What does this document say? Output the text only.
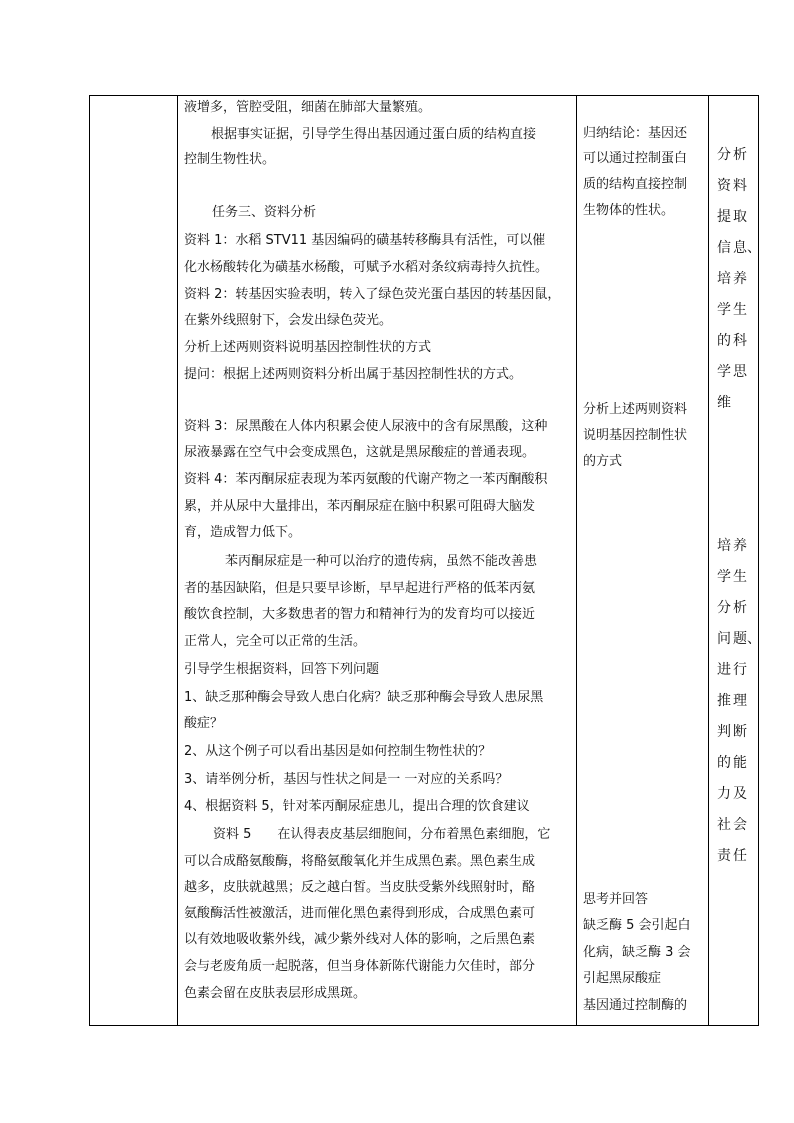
液增多，管腔受阻，细菌在肺部大量繁殖。
根据事实证据，引导学生得出基因通过蛋白质的结构直接
控制生物性状。
任务三、资料分析
资料 1：水稻 STV11 基因编码的磺基转移酶具有活性，可以催
化水杨酸转化为磺基水杨酸，可赋予水稻对条纹病毒持久抗性。
资料 2：转基因实验表明，转入了绿色荧光蛋白基因的转基因鼠，
在紫外线照射下，会发出绿色荧光。
分析上述两则资料说明基因控制性状的方式
提问：根据上述两则资料分析出属于基因控制性状的方式。
资料 3：尿黑酸在人体内积累会使人尿液中的含有尿黑酸，这种
尿液暴露在空气中会变成黑色，这就是黑尿酸症的普通表现。
资料 4：苯丙酮尿症表现为苯丙氨酸的代谢产物之一苯丙酮酸积
累，并从尿中大量排出，苯丙酮尿症在脑中积累可阻碍大脑发
育，造成智力低下。
苯丙酮尿症是一种可以治疗的遗传病，虽然不能改善患
者的基因缺陷，但是只要早诊断，早早起进行严格的低苯丙氨
酸饮食控制，大多数患者的智力和精神行为的发育均可以接近
正常人，完全可以正常的生活。
引导学生根据资料，回答下列问题
1、缺乏那种酶会导致人患白化病？缺乏那种酶会导致人患尿黑
酸症？
2、从这个例子可以看出基因是如何控制生物性状的？
3、请举例分析，基因与性状之间是一 一对应的关系吗？
4、根据资料 5，针对苯丙酮尿症患儿，提出合理的饮食建议
资料 5　　在认得表皮基层细胞间，分布着黑色素细胞，它
可以合成酪氨酸酶，将酪氨酸氧化并生成黑色素。黑色素生成
越多，皮肤就越黑；反之越白皙。当皮肤受紫外线照射时，酪
氨酸酶活性被激活，进而催化黑色素得到形成，合成黑色素可
以有效地吸收紫外线，减少紫外线对人体的影响，之后黑色素
会与老废角质一起脱落，但当身体新陈代谢能力欠佳时，部分
色素会留在皮肤表层形成黑斑。
归纳结论：基因还
可以通过控制蛋白
质的结构直接控制
生物体的性状。
分析上述两则资料
说明基因控制性状
的方式
思考并回答
缺乏酶 5 会引起白
化病，缺乏酶 3 会
引起黑尿酸症
基因通过控制酶的
分 析
资 料
提 取
信 息、
培 养
学 生
的 科
学 思
维
培 养
学 生
分 析
问 题、
进 行
推 理
判 断
的 能
力 及
社 会
责 任
